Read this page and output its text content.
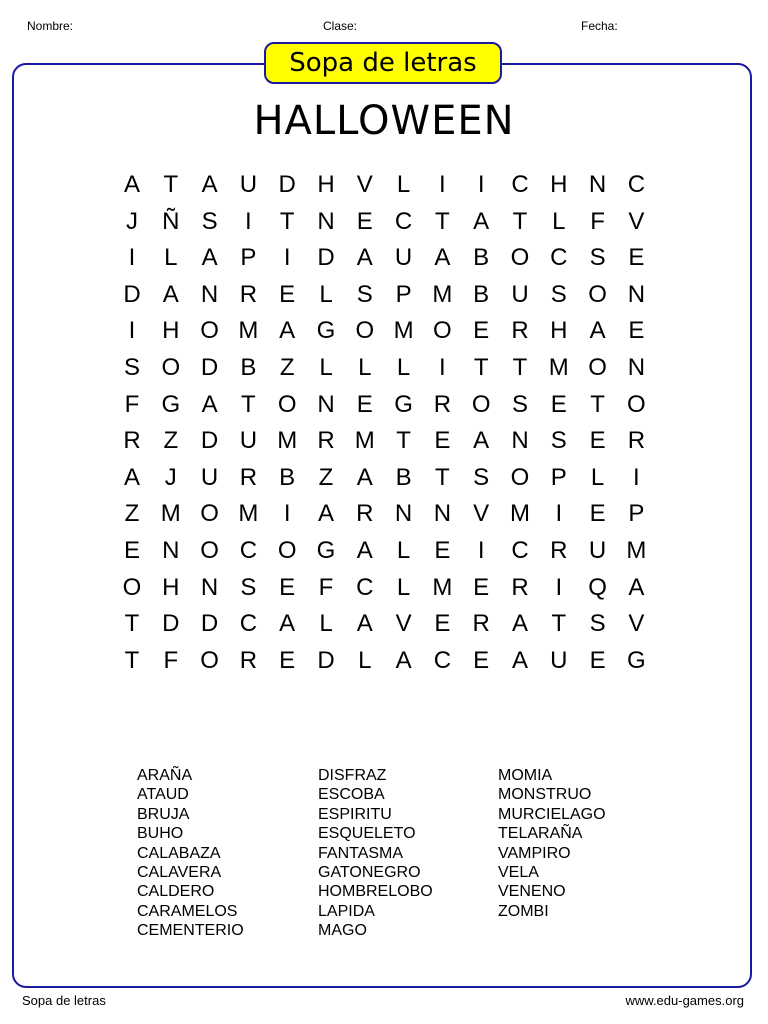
Nombre:	Clase:	Fecha:
Sopa de letras
HALLOWEEN
A T A U D H V	L	I	I	C H N C
J	Ñ S	I	T N E C T A T	L	F V
I	L	A P	I	D A U A B O C S E
D A N R E	L	S P M B U S O N
I	H O M A G O M O E R H A E
S O D B Z	L	L	L	I	T	T M O N
F G A T O N E G R O S E T O
R Z D U M R M T E A N S E R
A	J	U R B Z A B T S O P	L	I
Z M O M	I	A R N N V M	I	E P
E N O C O G A	L	E	I	C R U M
O H N S E F C L M E R	I	Q A
T D D C A	L	A V E R A T S V
T	F O R E D L	A C E A U E G
ARAÑA
ATAUD
BRUJA
BUHO
CALABAZA
CALAVERA
CALDERO
CARAMELOS
CEMENTERIO
DISFRAZ
ESCOBA
ESPIRITU
ESQUELETO
FANTASMA
GATONEGRO
HOMBRELOBO
LAPIDA
MAGO
MOMIA
MONSTRUO
MURCIELAGO
TELARAÑA
VAMPIRO
VELA
VENENO
ZOMBI
Sopa de letras	www.edu-games.org
